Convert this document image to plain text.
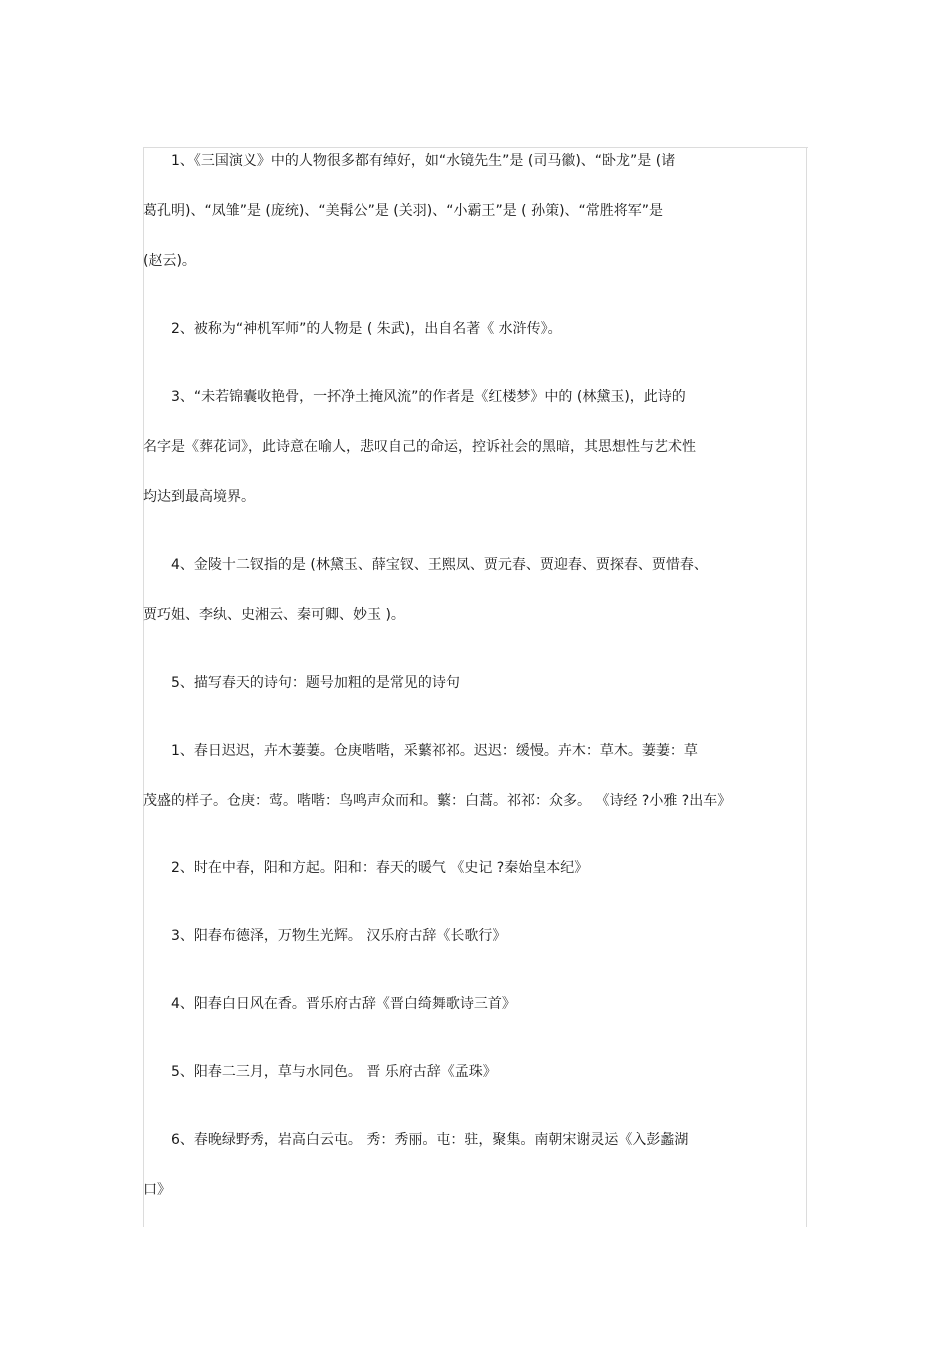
　　1、《三国演义》中的人物很多都有绰好，如“水镜先生”是 (司马徽)、“卧龙”是 (诸
葛孔明)、“凤雏”是 (庞统)、“美髯公”是 (关羽)、“小霸王”是 ( 孙策)、“常胜将军”是
(赵云)。
　　2、被称为“神机军师”的人物是 ( 朱武)，出自名著《 水浒传》。
　　3、“未若锦囊收艳骨，一抔净土掩风流”的作者是《红楼梦》中的 (林黛玉)，此诗的
名字是《葬花词》，此诗意在喻人，悲叹自己的命运，控诉社会的黑暗，其思想性与艺术性
均达到最高境界。
　　4、金陵十二钗指的是 (林黛玉、薛宝钗、王熙凤、贾元春、贾迎春、贾探春、贾惜春、
贾巧姐、李纨、史湘云、秦可卿、妙玉 )。
　　5、描写春天的诗句：题号加粗的是常见的诗句
　　1、春日迟迟，卉木萋萋。仓庚喈喈，采蘩祁祁。迟迟：缓慢。卉木：草木。萋萋：草
茂盛的样子。仓庚：莺。喈喈：鸟鸣声众而和。蘩：白蒿。祁祁：众多。 《诗经 ?小雅 ?出车》
　　2、时在中春，阳和方起。阳和：春天的暖气 《史记 ?秦始皇本纪》
　　3、阳春布德泽，万物生光辉。 汉乐府古辞《长歌行》
　　4、阳春白日风在香。晋乐府古辞《晋白绮舞歌诗三首》
　　5、阳春二三月，草与水同色。 晋 乐府古辞《孟珠》
　　6、春晚绿野秀，岩高白云屯。 秀：秀丽。屯：驻，聚集。南朝宋谢灵运《入彭蠡湖
口》
